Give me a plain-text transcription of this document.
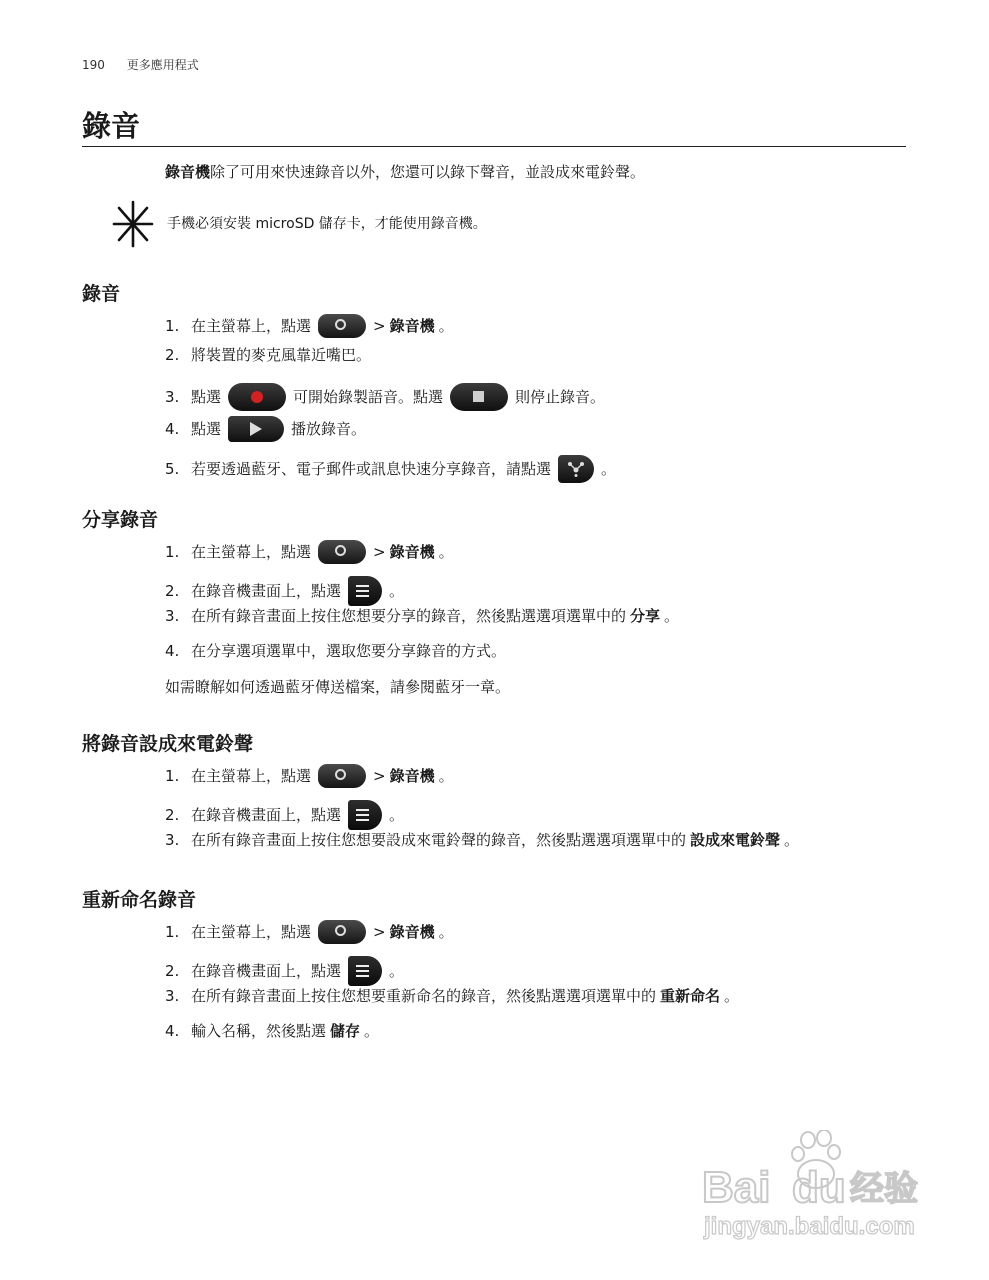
190 更多應用程式
錄音
錄音機除了可用來快速錄音以外，您還可以錄下聲音，並設成來電鈴聲。
手機必須安裝 microSD 儲存卡，才能使用錄音機。
錄音
1. 在主螢幕上，點選	> 錄音機 。
2. 將裝置的麥克風靠近嘴巴。
3. 點選	可開始錄製語音。點選	則停止錄音。
4. 點選	播放錄音。
5. 若要透過藍牙、電子郵件或訊息快速分享錄音，請點選	。
分享錄音
1. 在主螢幕上，點選	> 錄音機 。
2. 在錄音機畫面上，點選	。
3. 在所有錄音畫面上按住您想要分享的錄音，然後點選選項選單中的 分享 。
4. 在分享選項選單中，選取您要分享錄音的方式。
如需瞭解如何透過藍牙傳送檔案，請參閱藍牙一章。
將錄音設成來電鈴聲
1. 在主螢幕上，點選	> 錄音機 。
2. 在錄音機畫面上，點選	。
3. 在所有錄音畫面上按住您想要設成來電鈴聲的錄音，然後點選選項選單中的 設成來電鈴聲 。
重新命名錄音
1. 在主螢幕上，點選	> 錄音機 。
2. 在錄音機畫面上，點選	。
3. 在所有錄音畫面上按住您想要重新命名的錄音，然後點選選項選單中的 重新命名 。
4. 輸入名稱，然後點選 儲存 。
Bai du 经验
jingyan.baidu.com
